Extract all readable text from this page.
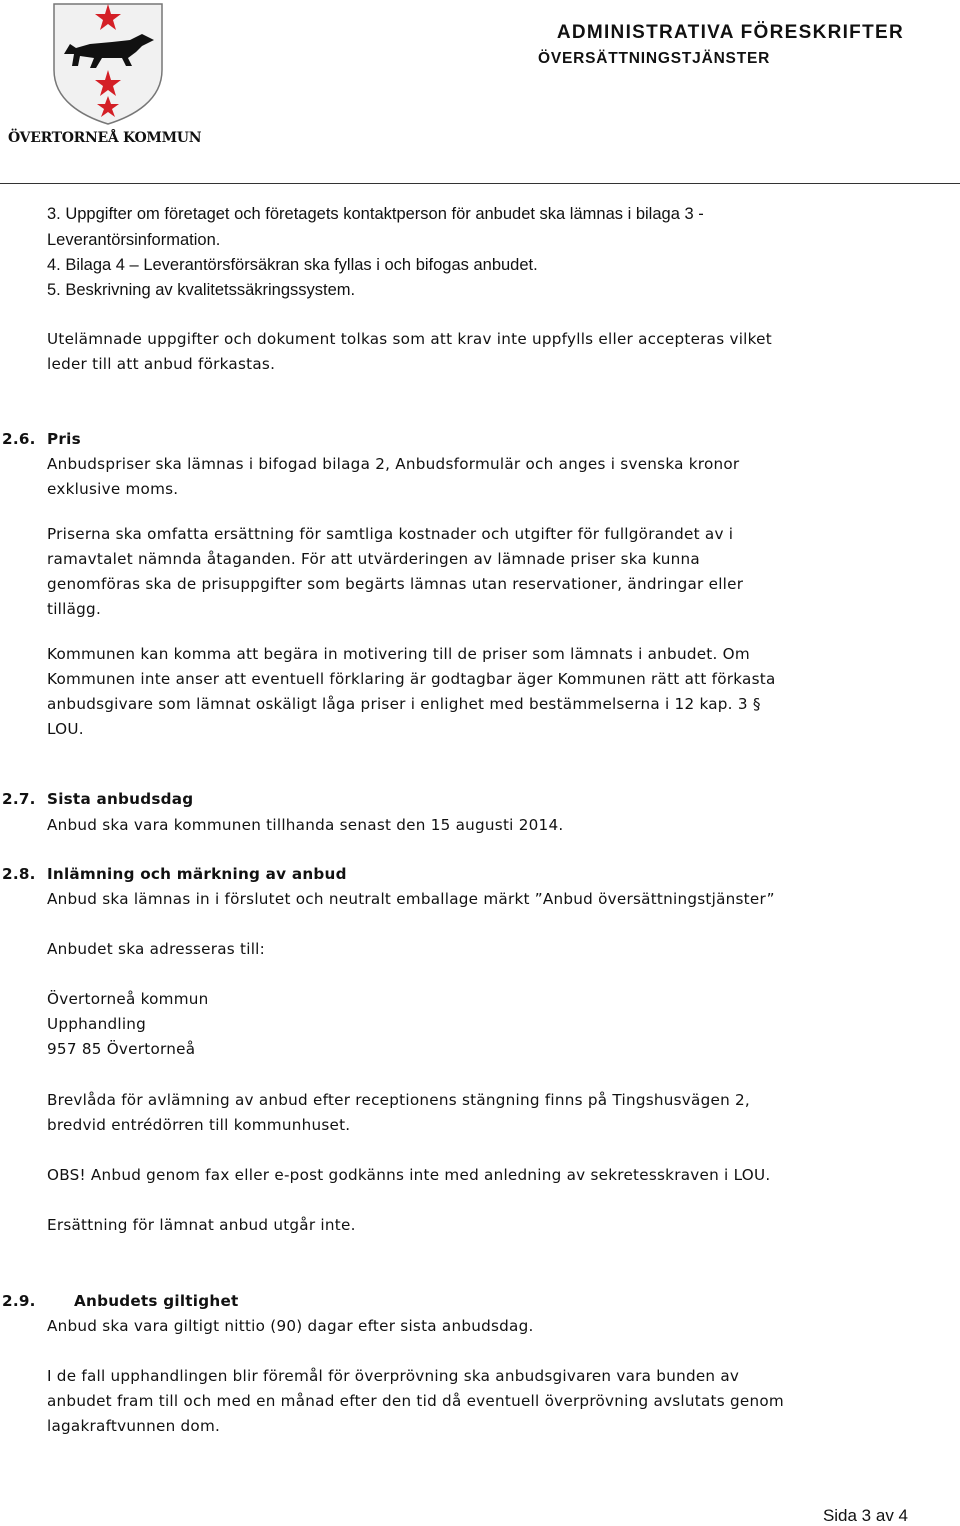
ÖVERTORNEÅ KOMMUN
ADMINISTRATIVA FÖRESKRIFTER
ÖVERSÄTTNINGSTJÄNSTER
3. Uppgifter om företaget och företagets kontaktperson för anbudet ska lämnas i bilaga 3 -
Leverantörsinformation.
4. Bilaga 4 – Leverantörsförsäkran ska fyllas i och bifogas anbudet.
5. Beskrivning av kvalitetssäkringssystem.
Utelämnade uppgifter och dokument tolkas som att krav inte uppfylls eller accepteras vilket
leder till att anbud förkastas.
2.6. Pris
Anbudspriser ska lämnas i bifogad bilaga 2, Anbudsformulär och anges i svenska kronor
exklusive moms.
Priserna ska omfatta ersättning för samtliga kostnader och utgifter för fullgörandet av i
ramavtalet nämnda åtaganden. För att utvärderingen av lämnade priser ska kunna
genomföras ska de prisuppgifter som begärts lämnas utan reservationer, ändringar eller
tillägg.
Kommunen kan komma att begära in motivering till de priser som lämnats i anbudet. Om
Kommunen inte anser att eventuell förklaring är godtagbar äger Kommunen rätt att förkasta
anbudsgivare som lämnat oskäligt låga priser i enlighet med bestämmelserna i 12 kap. 3 §
LOU.
2.7. Sista anbudsdag
Anbud ska vara kommunen tillhanda senast den 15 augusti 2014.
2.8. Inlämning och märkning av anbud
Anbud ska lämnas in i förslutet och neutralt emballage märkt ”Anbud översättningstjänster”
Anbudet ska adresseras till:
Övertorneå kommun
Upphandling
957 85 Övertorneå
Brevlåda för avlämning av anbud efter receptionens stängning finns på Tingshusvägen 2,
bredvid entrédörren till kommunhuset.
OBS! Anbud genom fax eller e-post godkänns inte med anledning av sekretesskraven i LOU.
Ersättning för lämnat anbud utgår inte.
2.9.	Anbudets giltighet
Anbud ska vara giltigt nittio (90) dagar efter sista anbudsdag.
I de fall upphandlingen blir föremål för överprövning ska anbudsgivaren vara bunden av
anbudet fram till och med en månad efter den tid då eventuell överprövning avslutats genom
lagakraftvunnen dom.
Sida 3 av 4
